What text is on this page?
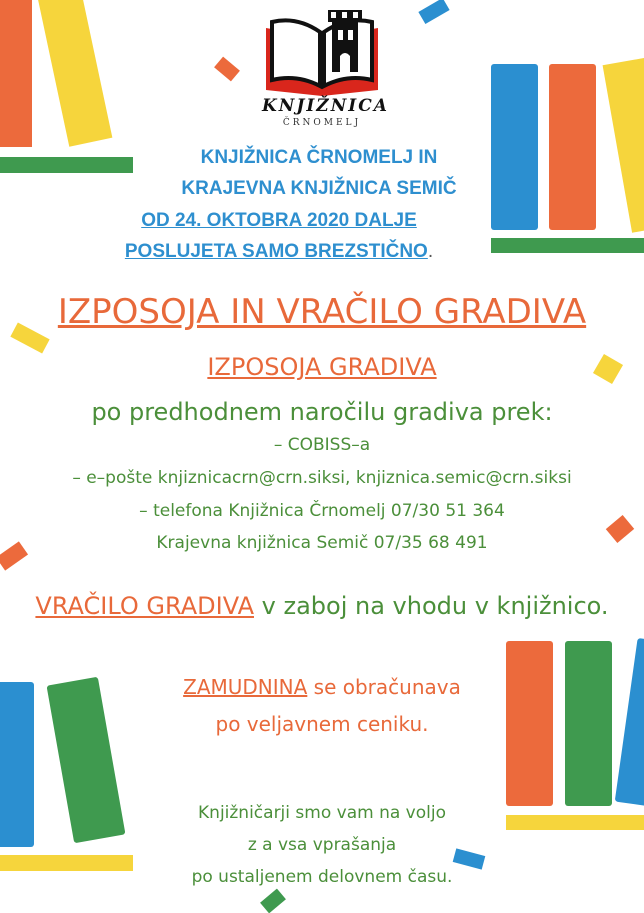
KNJIŽNICA
ČRNOMELJ
KNJIŽNICA ČRNOMELJ IN
KRAJEVNA KNJIŽNICA SEMIČ
OD 24. OKTOBRA 2020 DALJE
POSLUJETA SAMO BREZSTIČNO.
IZPOSOJA IN VRAČILO GRADIVA
IZPOSOJA GRADIVA
po predhodnem naročilu gradiva prek:
– COBISS–a
– e–pošte knjiznicacrn@crn.siksi, knjiznica.semic@crn.siksi
– telefona Knjižnica Črnomelj 07/30 51 364
Krajevna knjižnica Semič 07/35 68 491
VRAČILO GRADIVA v zaboj na vhodu v knjižnico.
ZAMUDNINA se obračunava
po veljavnem ceniku.
Knjižničarji smo vam na voljo
z a vsa vprašanja
po ustaljenem delovnem času.
